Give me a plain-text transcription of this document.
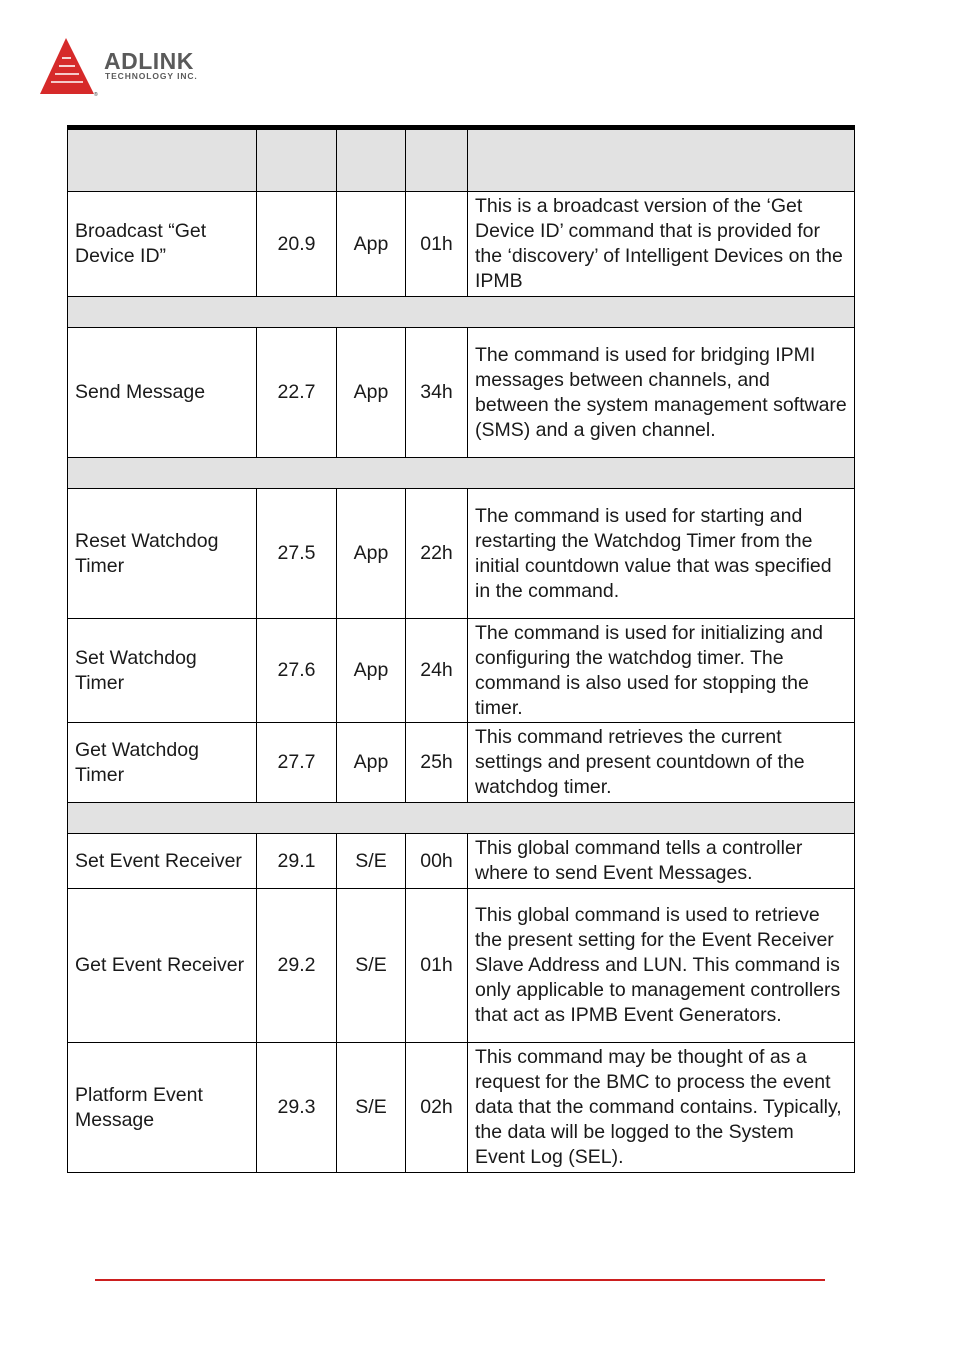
®
ADLINK
TECHNOLOGY INC.

Broadcast “Get Device ID”	20.9	App	01h	This is a broadcast version of the ‘Get Device ID’ command that is provided for the ‘discovery’ of Intelligent Devices on the IPMB

Send Message	22.7	App	34h	The command is used for bridging IPMI messages between channels, and between the system management software (SMS) and a given channel.

Reset Watchdog Timer	27.5	App	22h	The command is used for starting and restarting the Watchdog Timer from the initial countdown value that was specified in the command.
Set Watchdog Timer	27.6	App	24h	The command is used for initializing and configuring the watchdog timer. The command is also used for stopping the timer.
Get Watchdog Timer	27.7	App	25h	This command retrieves the current settings and present countdown of the watchdog timer.

Set Event Receiver	29.1	S/E	00h	This global command tells a controller where to send Event Messages.
Get Event Receiver	29.2	S/E	01h	This global command is used to retrieve the present setting for the Event Receiver Slave Address and LUN. This command is only applicable to management controllers that act as IPMB Event Generators.
Platform Event Message	29.3	S/E	02h	This command may be thought of as a request for the BMC to process the event data that the command contains. Typically, the data will be logged to the System Event Log (SEL).
